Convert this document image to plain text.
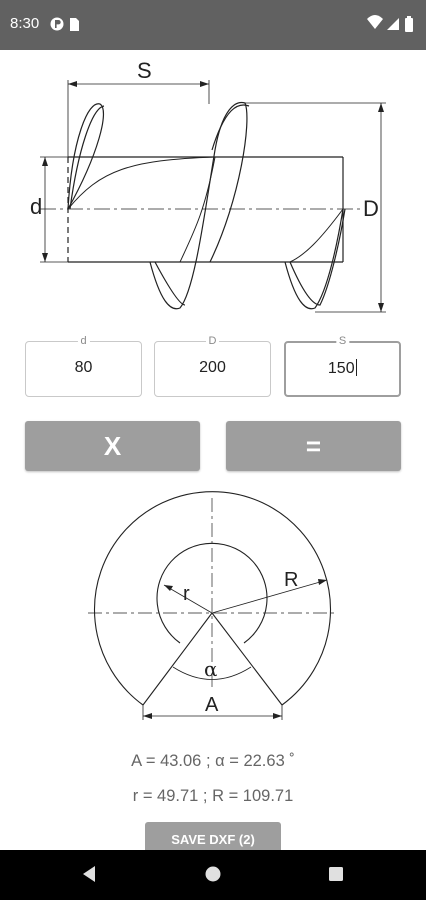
8:30
S
d	D
d
80
D
200
S
150
X	=
r
R
α
A
A = 43.06 ; α = 22.63 ˚
r = 49.71 ; R = 109.71
SAVE DXF (2)
